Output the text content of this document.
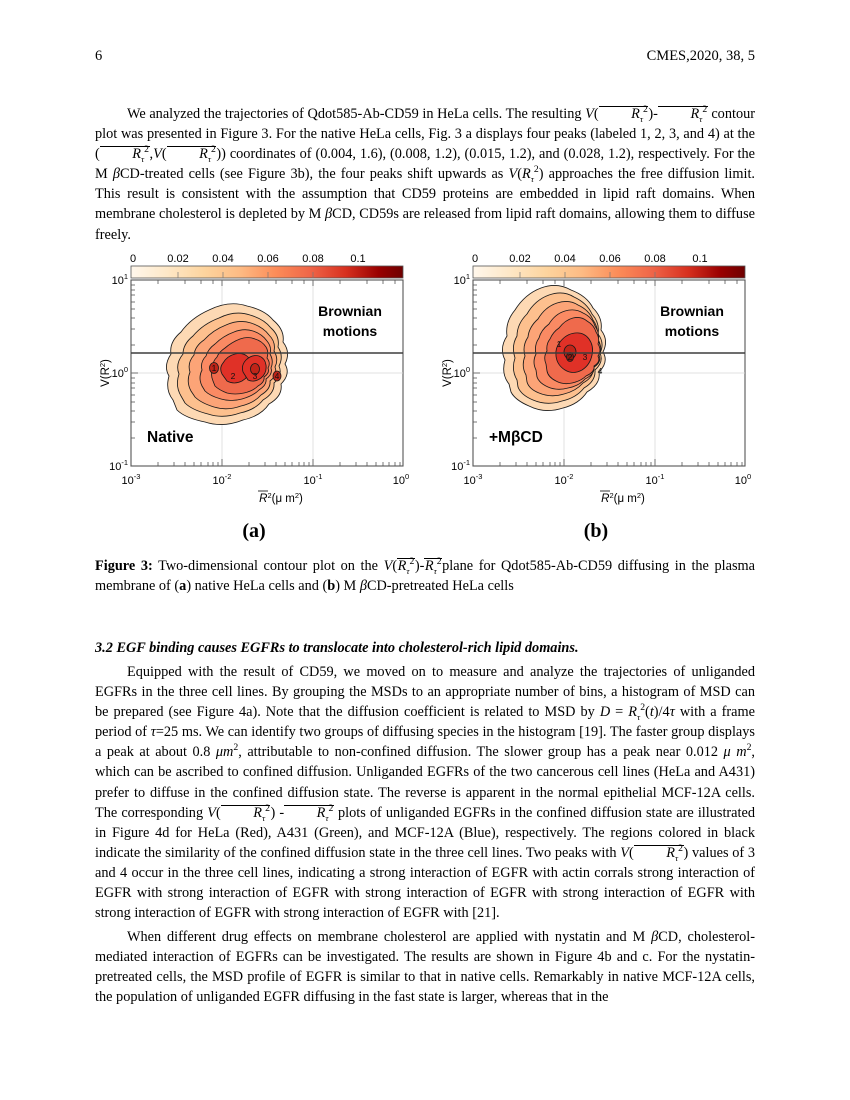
6	CMES,2020, 38, 5

We analyzed the trajectories of Qdot585-Ab-CD59 in HeLa cells. The resulting V( $R_\tau^2)-$ $R_\tau^2$ contour plot was presented in Figure 3. For the native HeLa cells, Fig. 3 a displays four peaks (labeled 1, 2, 3, and 4) at the ( $R_\tau^2,V$( $R_\tau^2$)) coordinates of (0.004, 1.6), (0.008, 1.2), (0.015, 1.2), and (0.028, 1.2), respectively. For the M βCD-treated cells (see Figure 3b), the four peaks shift upwards as $V(R_\tau^2)$ approaches the free diffusion limit. This result is consistent with the assumption that CD59 proteins are embedded in lipid raft domains. When membrane cholesterol is depleted by M βCD, CD59s are released from lipid raft domains, allowing them to diffuse freely.

0	0.02 0.04 0.06 0.08 0.1
1
2 3 4
Brownian
motions
Native
$10^{-1}$
$10^0$
$10^1$
$V(R^2)$
$10^{-3}$	$10^{-2}$	$10^{-1}$	$10^0$
$R^2(\mu$ $m^2$)
0	0.02 0.04 0.06 0.08 0.1
1
2 3
4
Brownian
motions
+MβCD
$10^{-1}$
$10^0$
$10^1$
$V(R^2)$
$10^{-3}$	$10^{-2}$	$10^{-1}$	$10^0$
$R^2(\mu$ $m^2$)
(a)	(b)
Figure 3: Two-dimensional contour plot on the $V(R_\tau^2)-R_\tau^2plane$ for Qdot585-Ab-CD59 diffusing in the plasma membrane of (a) native HeLa cells and (b) M βCD-pretreated HeLa cells
3.2 EGF binding causes EGFRs to translocate into cholesterol-rich lipid domains.

Equipped with the result of CD59, we moved on to measure and analyze the trajectories of unliganded EGFRs in the three cell lines. By grouping the MSDs to an appropriate number of bins, a histogram of MSD can be prepared (see Figure 4a). Note that the diffusion coefficient is related to MSD by $D = R_\tau^2(t)/4\tau$ with a frame period of τ=25 ms. We can identify two groups of diffusing species in the histogram [19]. The faster group displays a peak at about 0.8 $\mu m^2$, attributable to non-confined diffusion. The slower group has a peak near 0.012 μ $m^2$, which can be ascribed to confined diffusion. Unliganded EGFRs of the two cancerous cell lines (HeLa and A431) prefer to diffuse in the confined diffusion state. The reverse is apparent in the normal epithelial MCF-12A cells. The corresponding V( $R_\tau^2) - R_\tau^2$ plots of unliganded EGFRs in the confined diffusion state are illustrated in Figure 4d for HeLa (Red), A431 (Green), and MCF-12A (Blue), respectively. The regions colored in black indicate the similarity of the confined diffusion state in the three cell lines. Two peaks with V( $R_\tau^2$) values of 3 and 4 occur in the three cell lines, indicating a strong interaction of EGFR with actin corrals strong interaction of EGFR with strong interaction of EGFR with strong interaction of EGFR with strong interaction of EGFR with strong interaction of EGFR with strong interaction of EGFR with [21].

When different drug effects on membrane cholesterol are applied with nystatin and M βCD, cholesterol-mediated interaction of EGFRs can be investigated. The results are shown in Figure 4b and c. For the nystatin-pretreated cells, the MSD profile of EGFR is similar to that in native cells. Remarkably in native MCF-12A cells, the population of unliganded EGFR diffusing in the fast state is larger, whereas that in the
